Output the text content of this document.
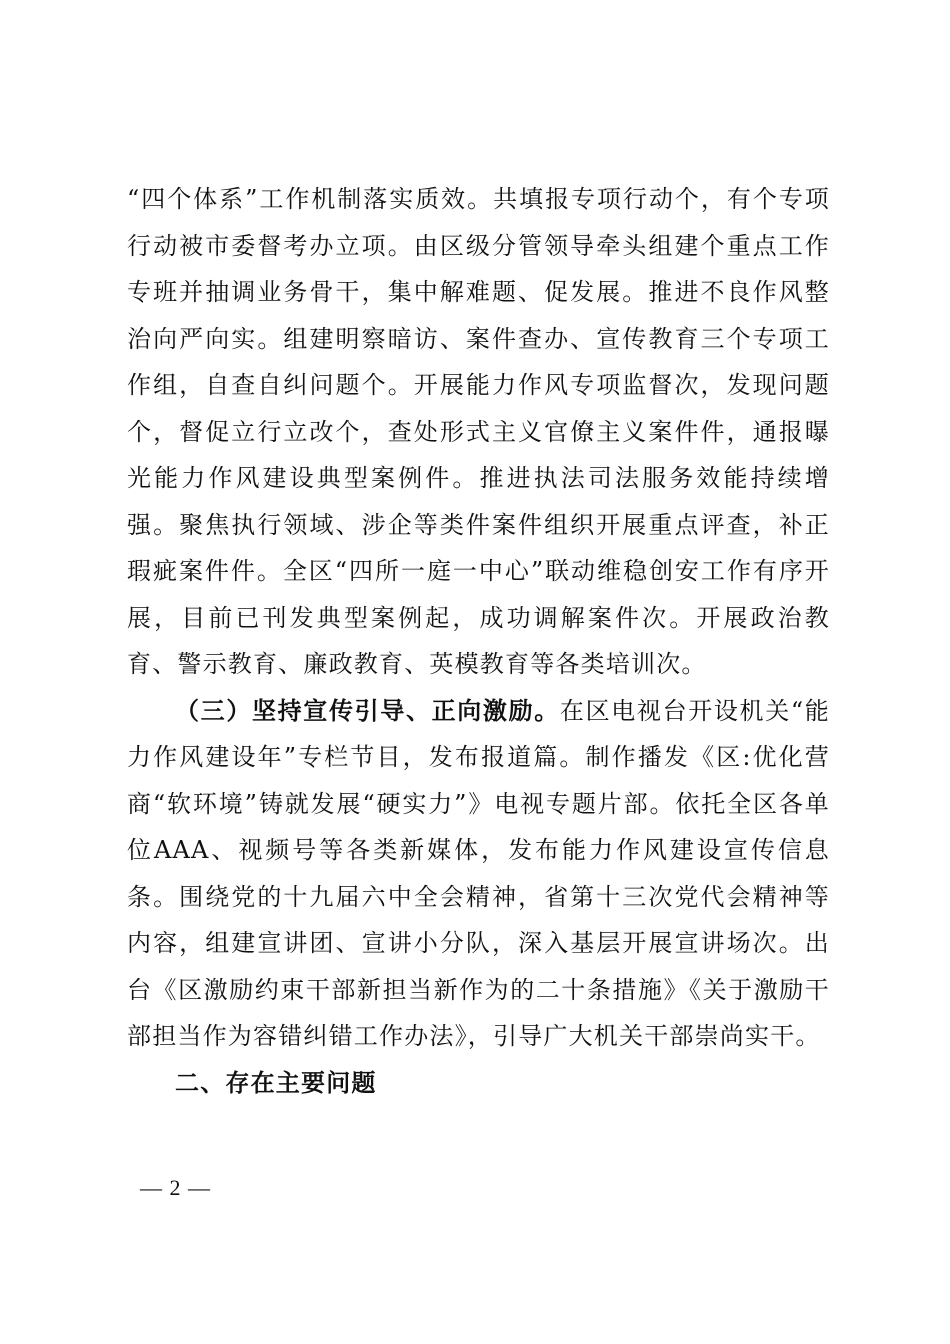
“四个体系”工作机制落实质效。共填报专项行动个，有个专项行动被市委督考办立项。由区级分管领导牵头组建个重点工作专班并抽调业务骨干，集中解难题、促发展。推进不良作风整治向严向实。组建明察暗访、案件查办、宣传教育三个专项工作组，自查自纠问题个。开展能力作风专项监督次，发现问题个，督促立行立改个，查处形式主义官僚主义案件件，通报曝光能力作风建设典型案例件。推进执法司法服务效能持续增强。聚焦执行领域、涉企等类件案件组织开展重点评查，补正瑕疵案件件。全区“四所一庭一中心”联动维稳创安工作有序开展，目前已刊发典型案例起，成功调解案件次。开展政治教育、警示教育、廉政教育、英模教育等各类培训次。

（三）坚持宣传引导、正向激励。在区电视台开设机关“能力作风建设年”专栏节目，发布报道篇。制作播发《区:优化营商“软环境”铸就发展“硬实力”》电视专题片部。依托全区各单位AAA、视频号等各类新媒体，发布能力作风建设宣传信息条。围绕党的十九届六中全会精神，省第十三次党代会精神等内容，组建宣讲团、宣讲小分队，深入基层开展宣讲场次。出台《区激励约束干部新担当新作为的二十条措施》《关于激励干部担当作为容错纠错工作办法》，引导广大机关干部崇尚实干。

二、存在主要问题

— 2 —
